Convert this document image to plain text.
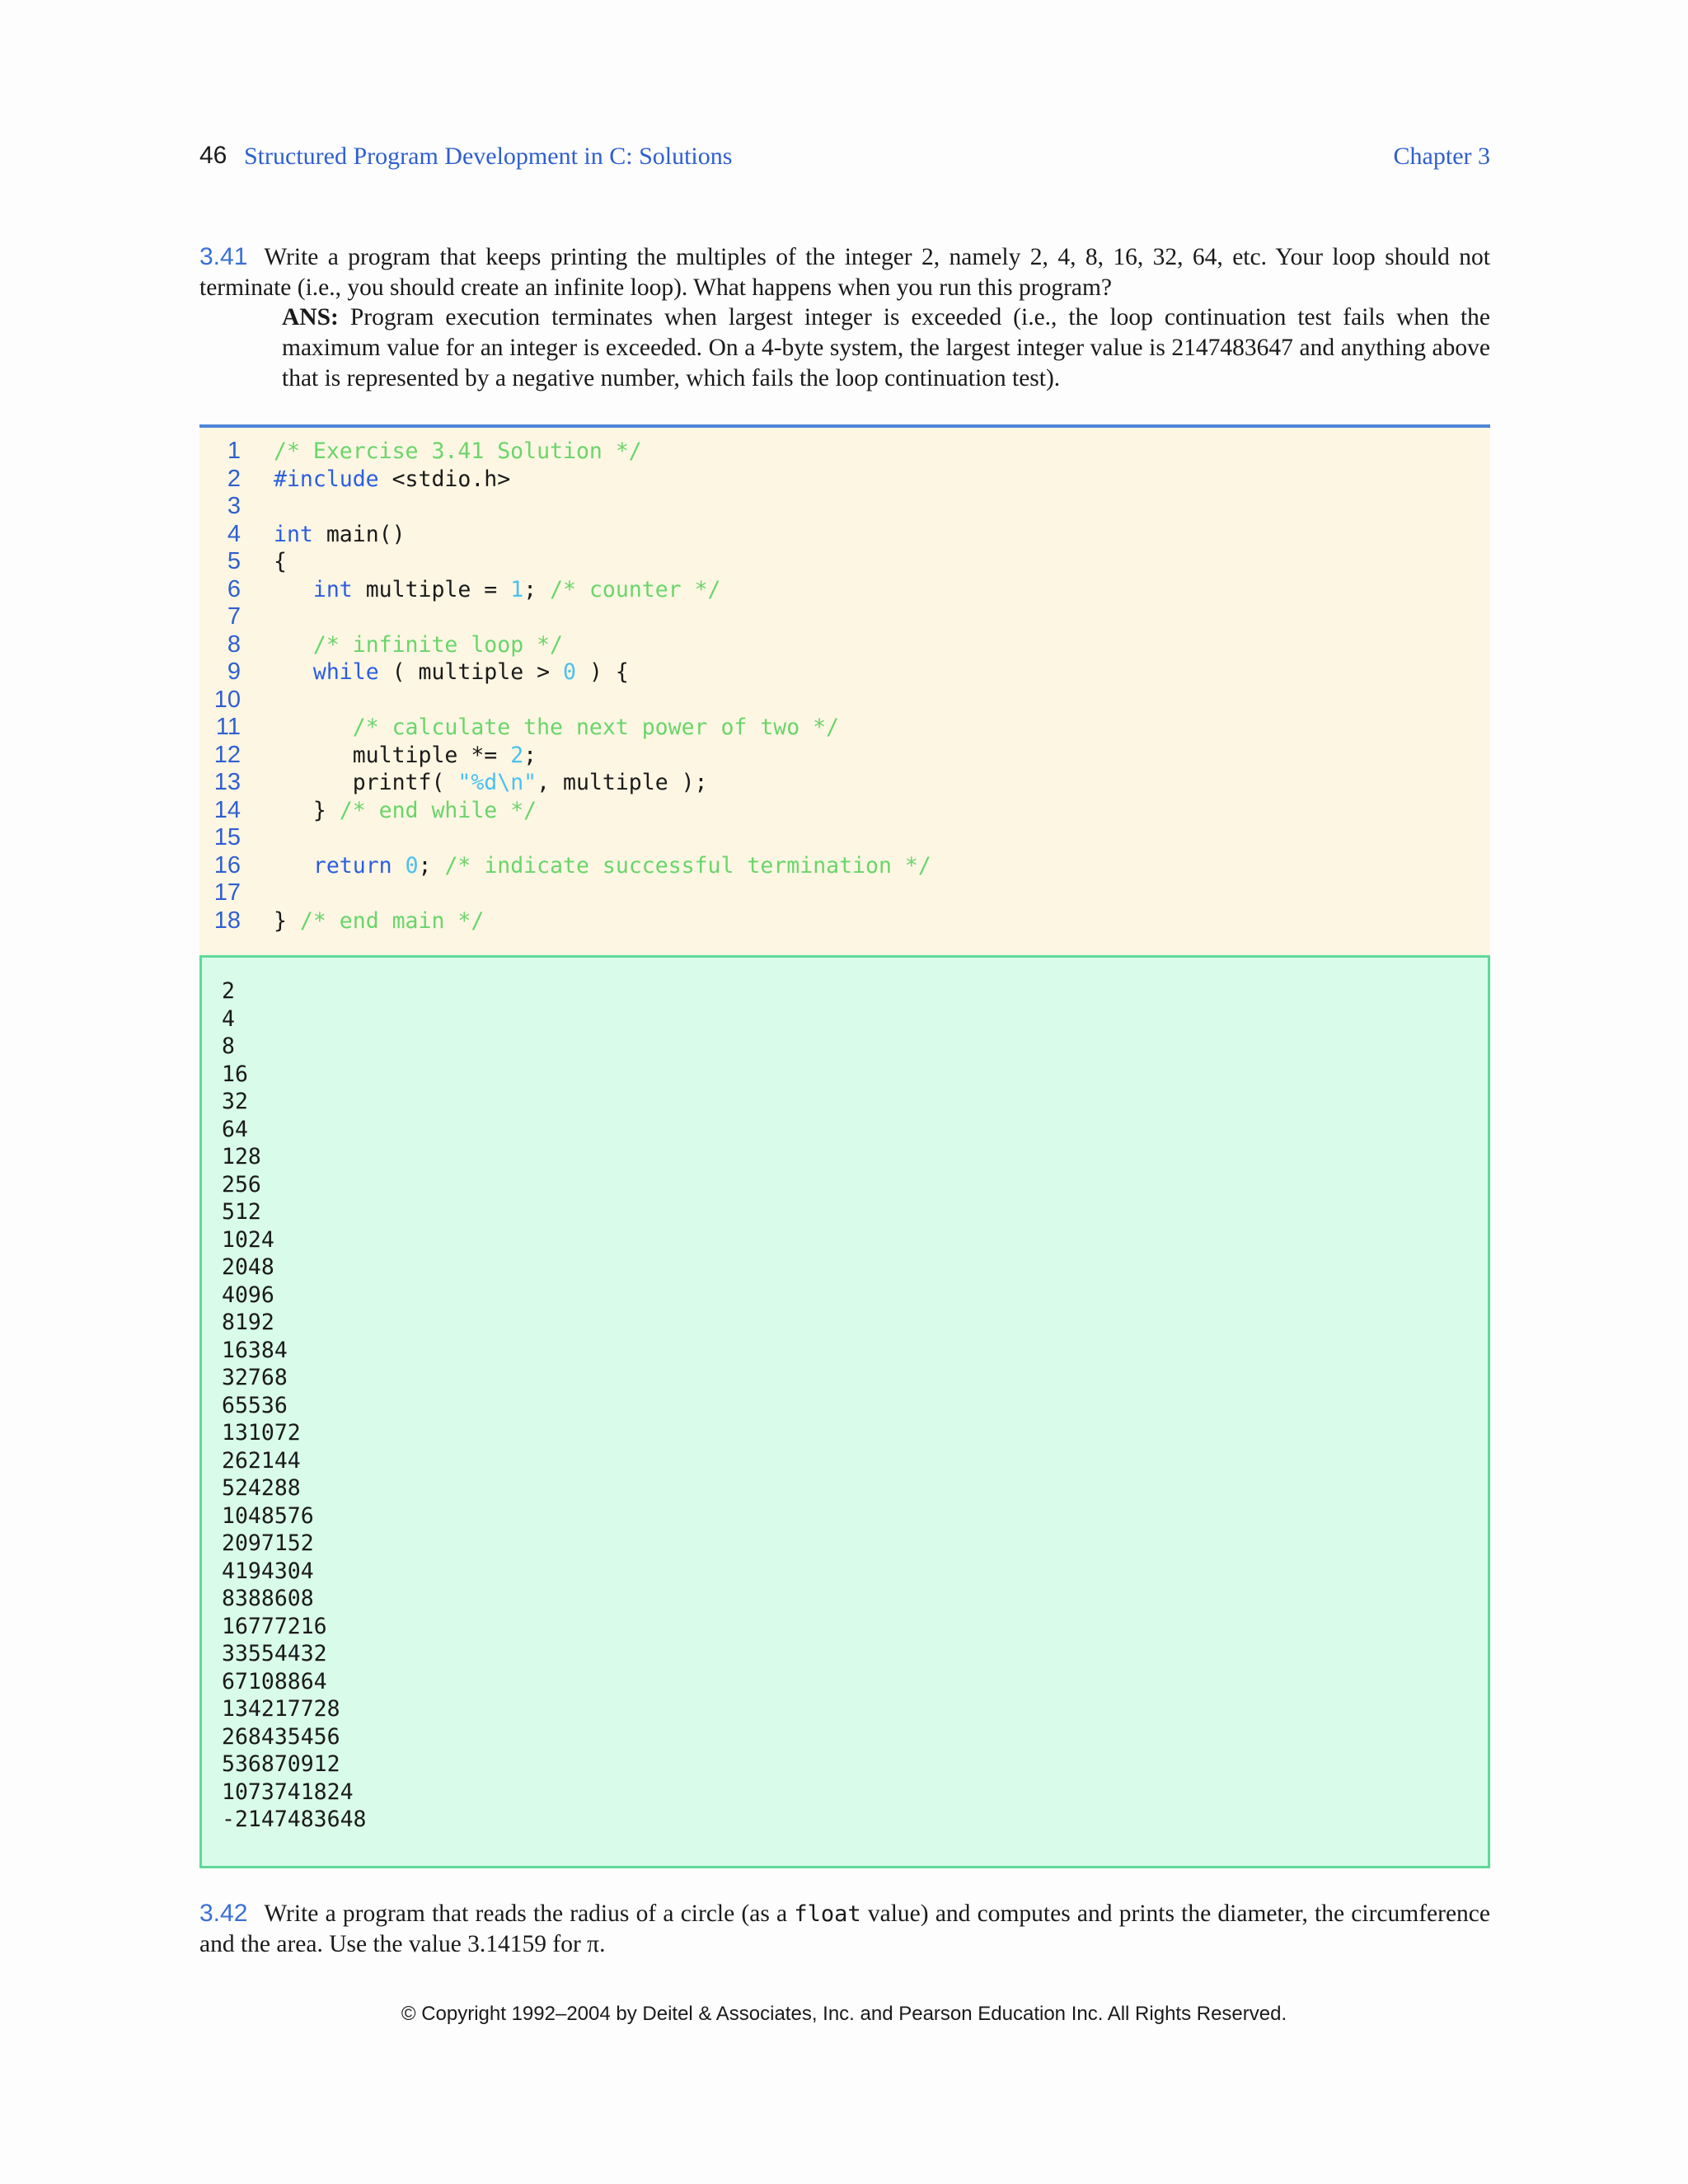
46 Structured Program Development in C: Solutions	Chapter 3
3.41 Write a program that keeps printing the multiples of the integer 2, namely 2, 4, 8, 16, 32, 64, etc. Your loop should not terminate (i.e., you should create an infinite loop). What happens when you run this program?
ANS: Program execution terminates when largest integer is exceeded (i.e., the loop continuation test fails when the maximum value for an integer is exceeded. On a 4-byte system, the largest integer value is 2147483647 and anything above that is represented by a negative number, which fails the loop continuation test).
1 /* Exercise 3.41 Solution */
2 #include <stdio.h>
3
4 int main()
5 {
6	int multiple = 1; /* counter */
7
8	/* infinite loop */
9	while ( multiple > 0 ) {
10
11	/* calculate the next power of two */
12 multiple *= 2;
13 printf( "%d\n", multiple );
14 } /* end while */
15
16	return 0; /* indicate successful termination */
17
18 } /* end main */
2
4
8
16
32
64
128
256
512
1024
2048
4096
8192
16384
32768
65536
131072
262144
524288
1048576
2097152
4194304
8388608
16777216
33554432
67108864
134217728
268435456
536870912
1073741824
-2147483648
3.42 Write a program that reads the radius of a circle (as a float value) and computes and prints the diameter, the circumference and the area. Use the value 3.14159 for π.
© Copyright 1992–2004 by Deitel & Associates, Inc. and Pearson Education Inc. All Rights Reserved.
